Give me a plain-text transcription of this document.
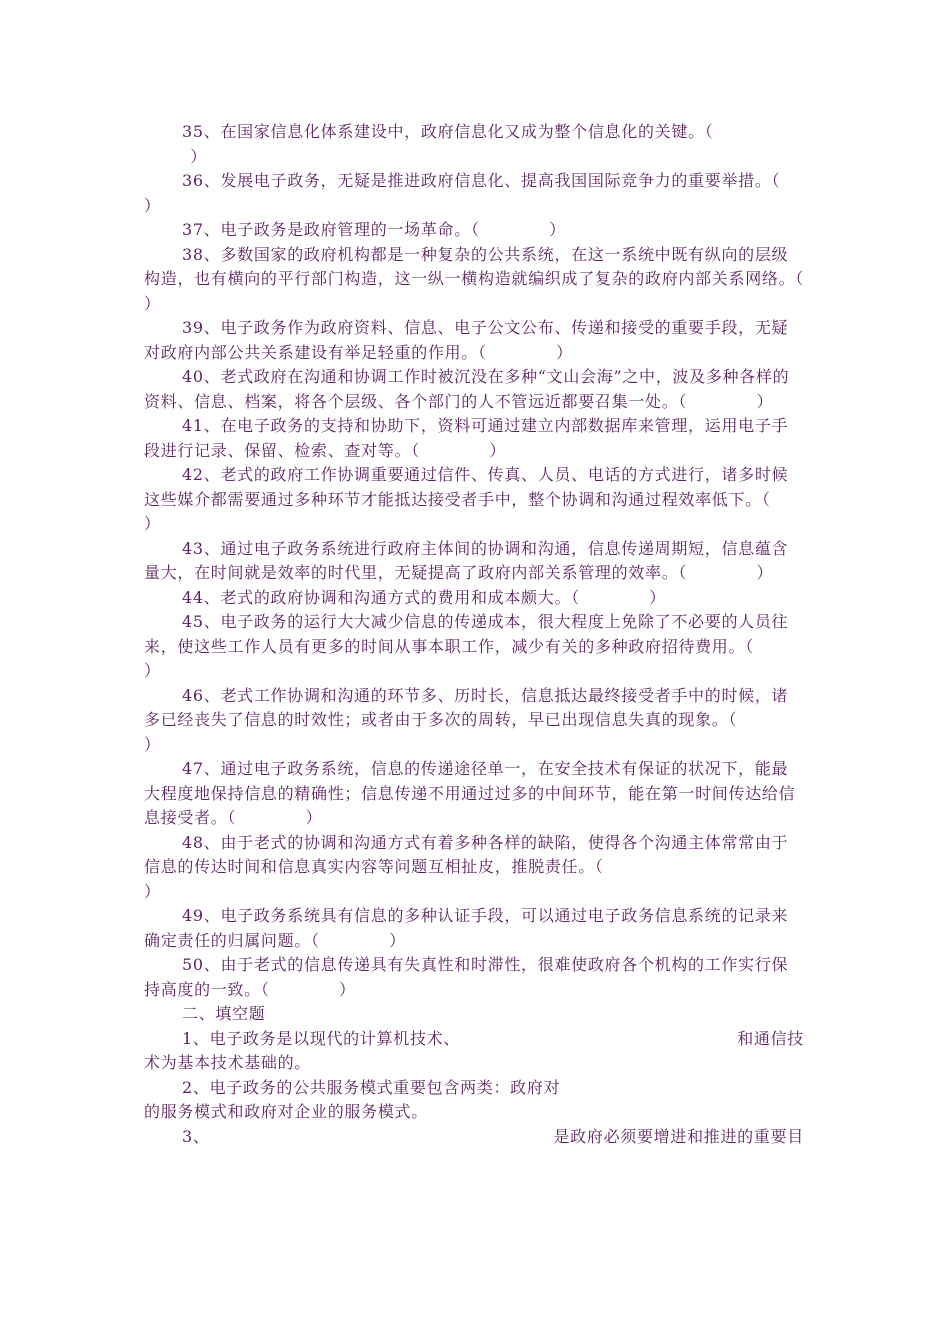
35、在国家信息化体系建设中，政府信息化又成为整个信息化的关键。（
）

36、发展电子政务，无疑是推进政府信息化、提高我国国际竞争力的重要举措。（            ）

37、电子政务是政府管理的一场革命。（            ）

38、多数国家的政府机构都是一种复杂的公共系统，在这一系统中既有纵向的层级构造，也有横向的平行部门构造，这一纵一横构造就编织成了复杂的政府内部关系网络。（            ）

39、电子政务作为政府资料、信息、电子公文公布、传递和接受的重要手段，无疑对政府内部公共关系建设有举足轻重的作用。（            ）

40、老式政府在沟通和协调工作时被沉没在多种“文山会海”之中，波及多种各样的资料、信息、档案，将各个层级、各个部门的人不管远近都要召集一处。（            ）

41、在电子政务的支持和协助下，资料可通过建立内部数据库来管理，运用电子手段进行记录、保留、检索、查对等。（            ）

42、老式的政府工作协调重要通过信件、传真、人员、电话的方式进行，诸多时候这些媒介都需要通过多种环节才能抵达接受者手中，整个协调和沟通过程效率低下。（            ）

43、通过电子政务系统进行政府主体间的协调和沟通，信息传递周期短，信息蕴含量大，在时间就是效率的时代里，无疑提高了政府内部关系管理的效率。（            ）

44、老式的政府协调和沟通方式的费用和成本颇大。（            ）

45、电子政务的运行大大减少信息的传递成本，很大程度上免除了不必要的人员往来，使这些工作人员有更多的时间从事本职工作，减少有关的多种政府招待费用。（            ）

46、老式工作协调和沟通的环节多、历时长，信息抵达最终接受者手中的时候，诸多已经丧失了信息的时效性；或者由于多次的周转，早已出现信息失真的现象。（            ）

47、通过电子政务系统，信息的传递途径单一，在安全技术有保证的状况下，能最大程度地保持信息的精确性；信息传递不用通过过多的中间环节，能在第一时间传达给信息接受者。（            ）

48、由于老式的协调和沟通方式有着多种各样的缺陷，使得各个沟通主体常常由于信息的传达时间和信息真实内容等问题互相扯皮，推脱责任。（
）

49、电子政务系统具有信息的多种认证手段，可以通过电子政务信息系统的记录来确定责任的归属问题。（            ）

50、由于老式的信息传递具有失真性和时滞性，很难使政府各个机构的工作实行保持高度的一致。（            ）

二、填空题

1、电子政务是以现代的计算机技术、	和通信技

术为基本技术基础的。

2、电子政务的公共服务模式重要包含两类：政府对

的服务模式和政府对企业的服务模式。

3、	是政府必须要增进和推进的重要目
